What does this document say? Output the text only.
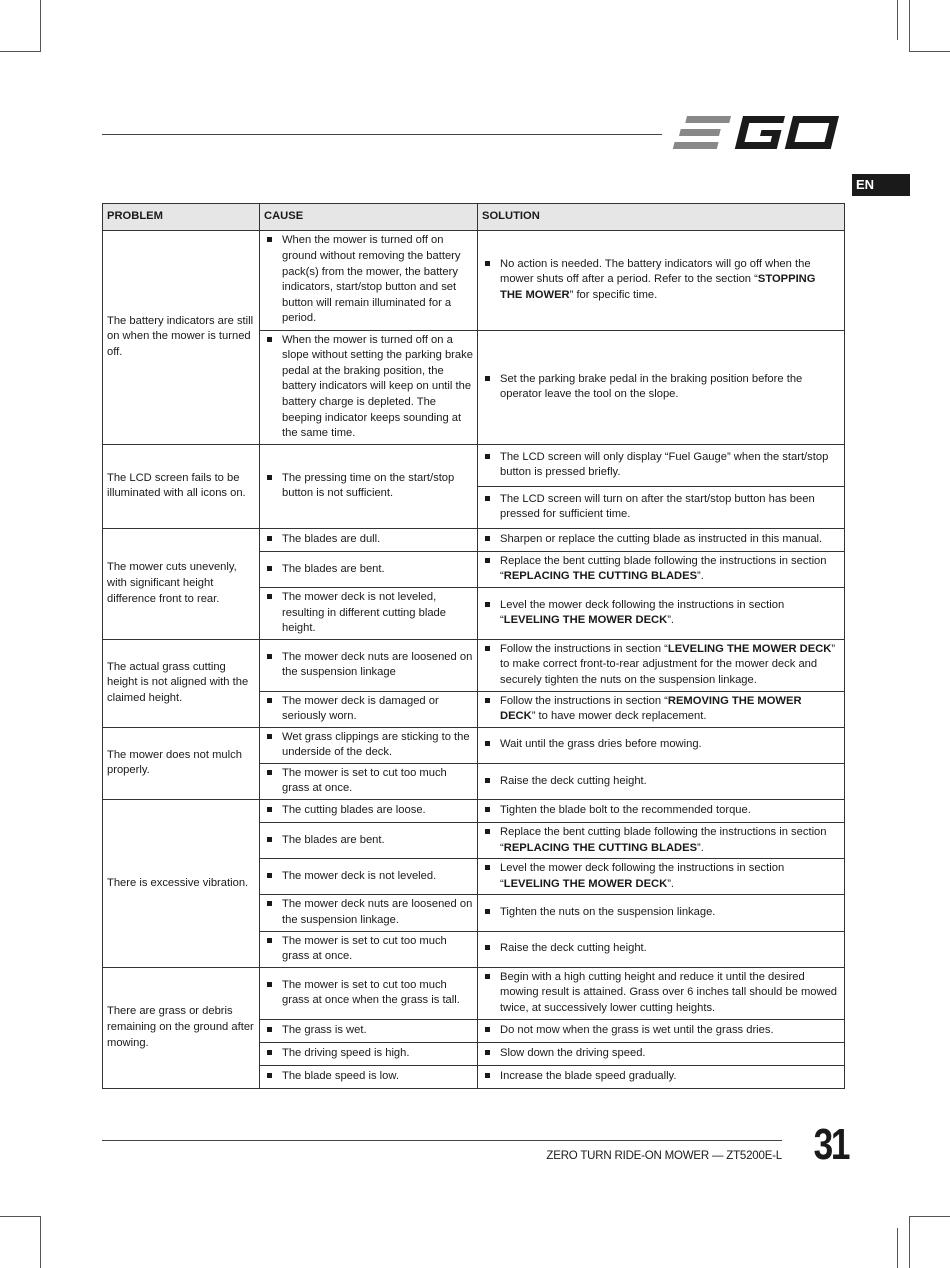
EN
PROBLEM	CAUSE	SOLUTION
The battery indicators are still on when the mower is turned off.	When the mower is turned off on ground without removing the battery pack(s) from the mower, the battery indicators, start/stop button and set button will remain illuminated for a period.	No action is needed. The battery indicators will go off when the mower shuts off after a period. Refer to the section “STOPPING THE MOWER” for specific time.

	When the mower is turned off on a slope without setting the parking brake pedal at the braking position, the battery indicators will keep on until the battery charge is depleted. The beeping indicator keeps sounding at the same time.	Set the parking brake pedal in the braking position before the operator leave the tool on the slope.

The LCD screen fails to be illuminated with all icons on.	The pressing time on the start/stop button is not sufficient.	The LCD screen will only display “Fuel Gauge” when the start/stop button is pressed briefly.

		The LCD screen will turn on after the start/stop button has been pressed for sufficient time.

The mower cuts unevenly, with significant height difference front to rear.	The blades are dull.	Sharpen or replace the cutting blade as instructed in this manual.

	The blades are bent.	Replace the bent cutting blade following the instructions in section “REPLACING THE CUTTING BLADES”.

	The mower deck is not leveled, resulting in different cutting blade height.	Level the mower deck following the instructions in section “LEVELING THE MOWER DECK”.

The actual grass cutting height is not aligned with the claimed height.	The mower deck nuts are loosened on the suspension linkage	Follow the instructions in section “LEVELING THE MOWER DECK” to make correct front-to-rear adjustment for the mower deck and securely tighten the nuts on the suspension linkage.

	The mower deck is damaged or seriously worn.	Follow the instructions in section “REMOVING THE MOWER DECK” to have mower deck replacement.

The mower does not mulch properly.	Wet grass clippings are sticking to the underside of the deck.	Wait until the grass dries before mowing.

	The mower is set to cut too much grass at once.	Raise the deck cutting height.

There is excessive vibration.	The cutting blades are loose.	Tighten the blade bolt to the recommended torque.

	The blades are bent.	Replace the bent cutting blade following the instructions in section “REPLACING THE CUTTING BLADES”.

	The mower deck is not leveled.	Level the mower deck following the instructions in section “LEVELING THE MOWER DECK”.

	The mower deck nuts are loosened on the suspension linkage.	Tighten the nuts on the suspension linkage.

	The mower is set to cut too much grass at once.	Raise the deck cutting height.

There are grass or debris remaining on the ground after mowing.	The mower is set to cut too much grass at once when the grass is tall.	Begin with a high cutting height and reduce it until the desired mowing result is attained. Grass over 6 inches tall should be mowed twice, at successively lower cutting heights.

	The grass is wet.	Do not mow when the grass is wet until the grass dries.

	The driving speed is high.	Slow down the driving speed.

	The blade speed is low.	Increase the blade speed gradually.
ZERO TURN RIDE-ON MOWER — ZT5200E-L 31
